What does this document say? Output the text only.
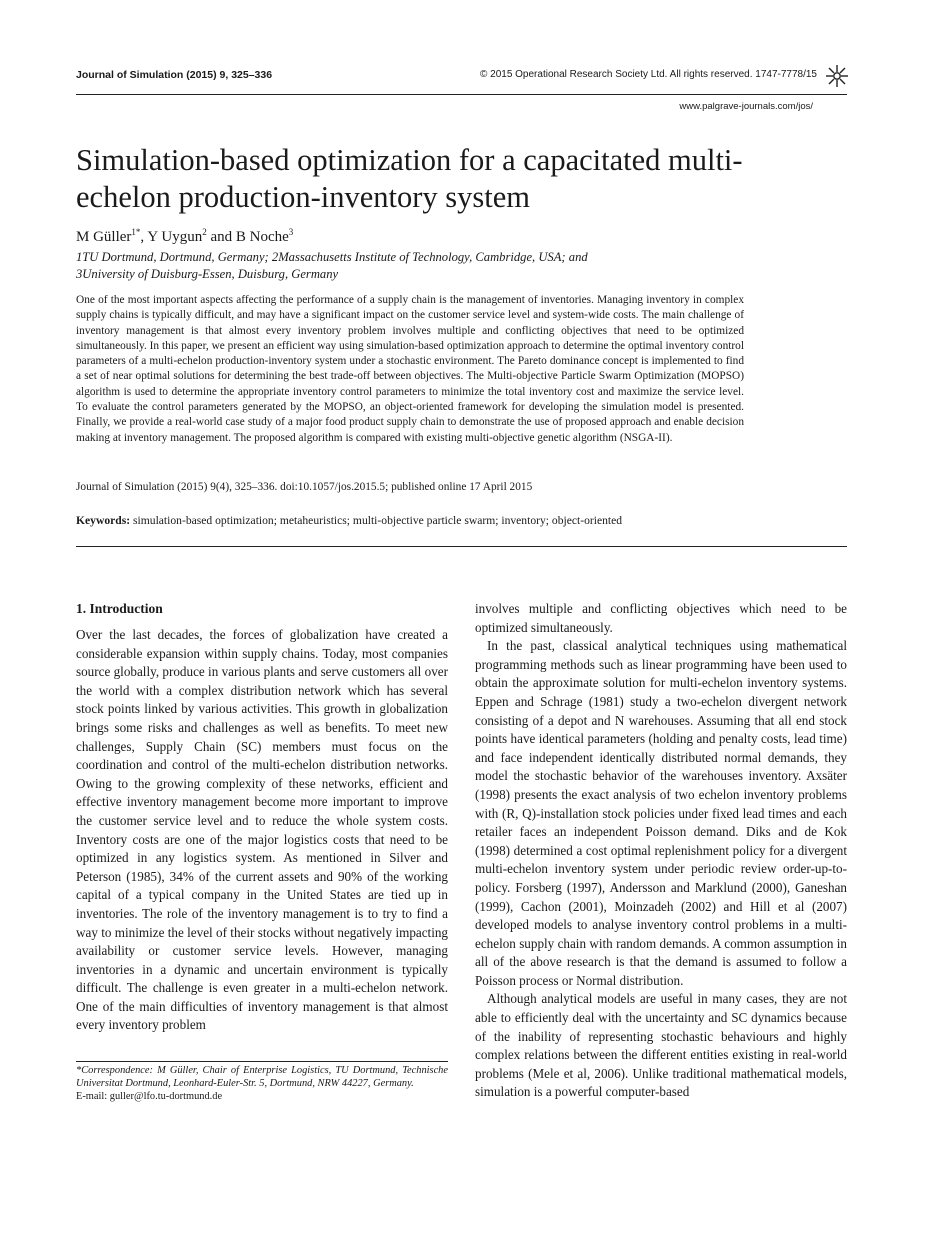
Journal of Simulation (2015) 9, 325–336	© 2015 Operational Research Society Ltd. All rights reserved. 1747-7778/15
www.palgrave-journals.com/jos/
Simulation-based optimization for a capacitated multi-echelon production-inventory system
M Güller$^{1*}$, Y Uygun$^2$ and B Noche$^3$
1TU Dortmund, Dortmund, Germany; 2Massachusetts Institute of Technology, Cambridge, USA; and
3University of Duisburg-Essen, Duisburg, Germany
One of the most important aspects affecting the performance of a supply chain is the management of inventories. Managing inventory in complex supply chains is typically difficult, and may have a significant impact on the customer service level and system-wide costs. The main challenge of inventory management is that almost every inventory problem involves multiple and conflicting objectives that need to be optimized simultaneously. In this paper, we present an efficient way using simulation-based optimization approach to determine the optimal inventory control parameters of a multi-echelon production-inventory system under a stochastic environment. The Pareto dominance concept is implemented to find a set of near optimal solutions for determining the best trade-off between objectives. The Multi-objective Particle Swarm Optimization (MOPSO) algorithm is used to determine the appropriate inventory control parameters to minimize the total inventory cost and maximize the service level. To evaluate the control parameters generated by the MOPSO, an object-oriented framework for developing the simulation model is presented. Finally, we provide a real-world case study of a major food product supply chain to demonstrate the use of proposed approach and enable decision making at inventory management. The proposed algorithm is compared with existing multi-objective genetic algorithm (NSGA-II).
Journal of Simulation (2015) 9(4), 325–336. doi:10.1057/jos.2015.5; published online 17 April 2015
Keywords: simulation-based optimization; metaheuristics; multi-objective particle swarm; inventory; object-oriented
1. Introduction

Over the last decades, the forces of globalization have created a considerable expansion within supply chains. Today, most companies source globally, produce in various plants and serve customers all over the world with a complex distribution network which has several stock points linked by various activities. This growth in globalization brings some risks and challenges as well as benefits. To meet new challenges, Supply Chain (SC) members must focus on the coordination and control of the multi-echelon distribution networks. Owing to the growing complexity of these networks, efficient and effective inventory management become more important to improve the customer service level and to reduce the whole system costs. Inventory costs are one of the major logistics costs that need to be optimized in any logistics system. As mentioned in Silver and Peterson (1985), 34% of the current assets and 90% of the working capital of a typical company in the United States are tied up in inventories. The role of the inventory management is to try to find a way to minimize the level of their stocks without negatively impacting availability or customer service levels. However, managing inventories in a dynamic and uncertain environment is typically difficult. The challenge is even greater in a multi-echelon network. One of the main difficulties of inventory management is that almost every inventory problem

involves multiple and conflicting objectives which need to be optimized simultaneously.

In the past, classical analytical techniques using mathematical programming methods such as linear programming have been used to obtain the approximate solution for multi-echelon inventory systems. Eppen and Schrage (1981) study a two-echelon divergent network consisting of a depot and N warehouses. Assuming that all end stock points have identical parameters (holding and penalty costs, lead time) and face independent identically distributed normal demands, they model the stochastic behavior of the warehouses inventory. Axsäter (1998) presents the exact analysis of two echelon inventory problems with (R, Q)-installation stock policies under fixed lead times and each retailer faces an independent Poisson demand. Diks and de Kok (1998) determined a cost optimal replenishment policy for a divergent multi-echelon inventory system under periodic review order-up-to-policy. Forsberg (1997), Andersson and Marklund (2000), Ganeshan (1999), Cachon (2001), Moinzadeh (2002) and Hill et al (2007) developed models to analyse inventory control problems in a multi-echelon supply chain with random demands. A common assumption in all of the above research is that the demand is assumed to follow a Poisson process or Normal distribution.

Although analytical models are useful in many cases, they are not able to efficiently deal with the uncertainty and SC dynamics because of the inability of representing stochastic behaviours and highly complex relations between the different entities existing in real-world problems (Mele et al, 2006). Unlike traditional mathematical models, simulation is a powerful computer-based

*Correspondence: M Güller, Chair of Enterprise Logistics, TU Dortmund, Technische Universitat Dortmund, Leonhard-Euler-Str. 5, Dortmund, NRW 44227, Germany.
E-mail: guller@lfo.tu-dortmund.de
